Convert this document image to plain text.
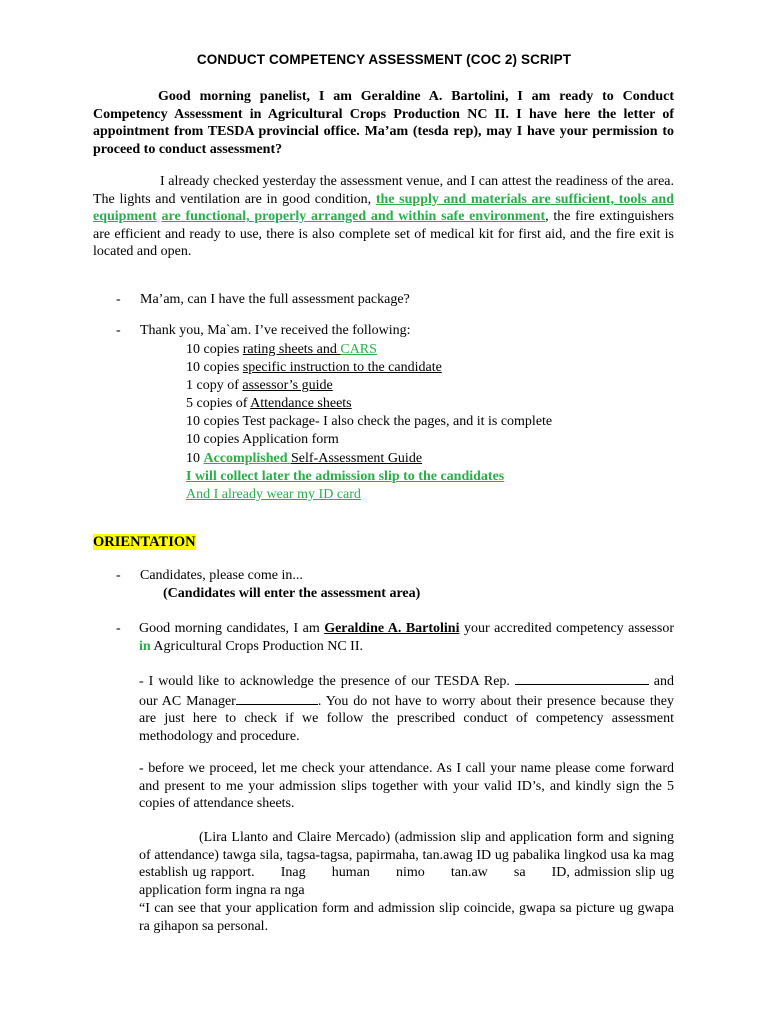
CONDUCT COMPETENCY ASSESSMENT (COC 2) SCRIPT
Good morning panelist, I am Geraldine A. Bartolini, I am ready to Conduct Competency Assessment in Agricultural Crops Production NC II. I have here the letter of appointment from TESDA provincial office. Ma’am (tesda rep), may I have your permission to proceed to conduct assessment?
I already checked yesterday the assessment venue, and I can attest the readiness of the area. The lights and ventilation are in good condition, the supply and materials are sufficient, tools and equipment are functional, properly arranged and within safe environment, the fire extinguishers are efficient and ready to use, there is also complete set of medical kit for first aid, and the fire exit is located and open.
- Ma’am, can I have the full assessment package?
- Thank you, Ma`am. I’ve received the following:
10 copies rating sheets and CARS
10 copies specific instruction to the candidate
1 copy of assessor’s guide
5 copies of Attendance sheets
10 copies Test package- I also check the pages, and it is complete
10 copies Application form
10 Accomplished Self-Assessment Guide
I will collect later the admission slip to the candidates
And I already wear my ID card
ORIENTATION
- Candidates, please come in...
(Candidates will enter the assessment area)
- Good morning candidates, I am Geraldine A. Bartolini your accredited competency assessor in Agricultural Crops Production NC II.
- I would like to acknowledge the presence of our TESDA Rep.	and our AC Manager	. You do not have to worry about their presence because they are just here to check if we follow the prescribed conduct of competency assessment methodology and procedure.
- before we proceed, let me check your attendance. As I call your name please come forward and present to me your admission slips together with your valid ID’s, and kindly sign the 5 copies of attendance sheets.
(Lira Llanto and Claire Mercado) (admission slip and application form and signing of attendance) tawga sila, tagsa-tagsa, papirmaha, tan.awag ID ug pabalika lingkod usa ka mag establish ug rapport.      Inag      human      nimo      tan.aw      sa      ID, admission slip ug application form ingna ra nga
“I can see that your application form and admission slip coincide, gwapa sa picture ug gwapa ra gihapon sa personal.
